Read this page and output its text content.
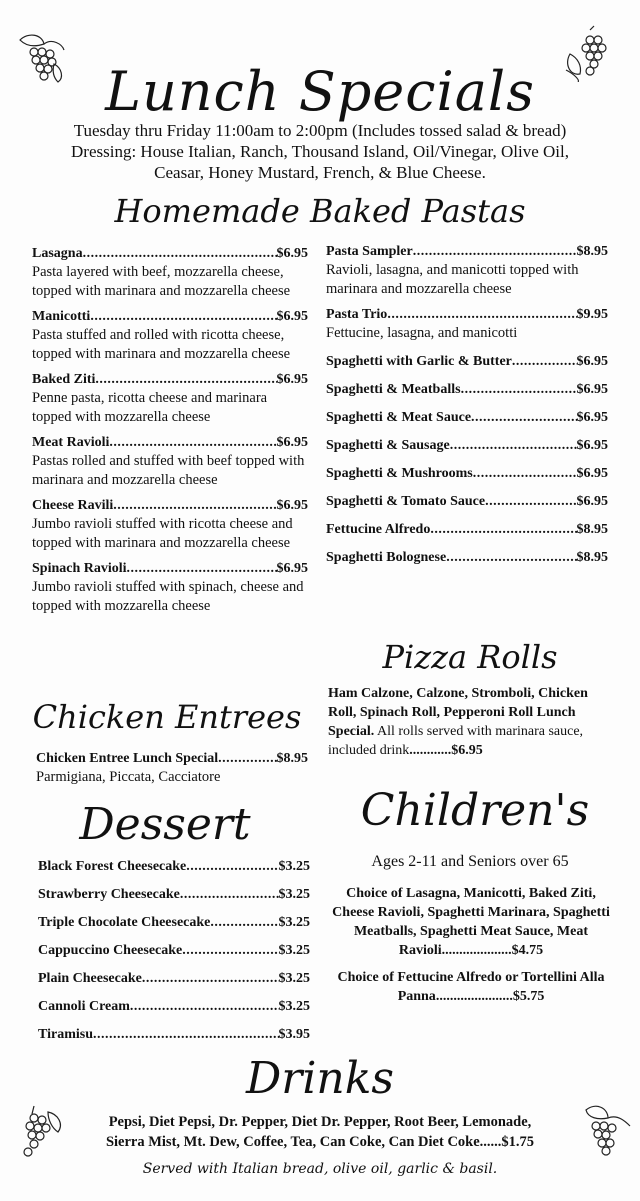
Lunch Specials
Tuesday thru Friday 11:00am to 2:00pm (Includes tossed salad & bread)
Dressing: House Italian, Ranch, Thousand Island, Oil/Vinegar, Olive Oil,
Ceasar, Honey Mustard, French, & Blue Cheese.
Homemade Baked Pastas
Lasagna .....	$6.95
Pasta layered with beef, mozzarella cheese, topped with marinara and mozzarella cheese
Manicotti .....	$6.95
Pasta stuffed and rolled with ricotta cheese, topped with marinara and mozzarella cheese
Baked Ziti .....	$6.95
Penne pasta, ricotta cheese and marinara topped with mozzarella cheese
Meat Ravioli .....	$6.95
Pastas rolled and stuffed with beef topped with marinara and mozzarella cheese
Cheese Ravili .....	$6.95
Jumbo ravioli stuffed with ricotta cheese and topped with marinara and mozzarella cheese
Spinach Ravioli .....	$6.95
Jumbo ravioli stuffed with spinach, cheese and topped with mozzarella cheese
Pasta Sampler .....	$8.95
Ravioli, lasagna, and manicotti topped with marinara and mozzarella cheese
Pasta Trio .....	$9.95
Fettucine, lasagna, and manicotti
Spaghetti with Garlic & Butter .....	$6.95
Spaghetti & Meatballs .....	$6.95
Spaghetti & Meat Sauce .....	$6.95
Spaghetti & Sausage .....	$6.95
Spaghetti & Mushrooms .....	$6.95
Spaghetti & Tomato Sauce .....	$6.95
Fettucine Alfredo .....	$8.95
Spaghetti Bolognese .....	$8.95
Pizza Rolls
Ham Calzone, Calzone, Stromboli, Chicken Roll, Spinach Roll, Pepperoni Roll Lunch Special. All rolls served with marinara sauce, included drink............$6.95
Chicken Entrees
Chicken Entree Lunch Special .....	$8.95
Parmigiana, Piccata, Cacciatore
Dessert
Black Forest Cheesecake .....	$3.25
Strawberry Cheesecake .....	$3.25
Triple Chocolate Cheesecake .....	$3.25
Cappuccino Cheesecake .....	$3.25
Plain Cheesecake .....	$3.25
Cannoli Cream .....	$3.25
Tiramisu .....	$3.95
Children's
Ages 2-11 and Seniors over 65
Choice of Lasagna, Manicotti, Baked Ziti, Cheese Ravioli, Spaghetti Marinara, Spaghetti Meatballs, Spaghetti Meat Sauce, Meat Ravioli....................$4.75
Choice of Fettucine Alfredo or Tortellini Alla Panna......................$5.75
Drinks
Pepsi, Diet Pepsi, Dr. Pepper, Diet Dr. Pepper, Root Beer, Lemonade,
Sierra Mist, Mt. Dew, Coffee, Tea, Can Coke, Can Diet Coke......$1.75
Served with Italian bread, olive oil, garlic & basil.
